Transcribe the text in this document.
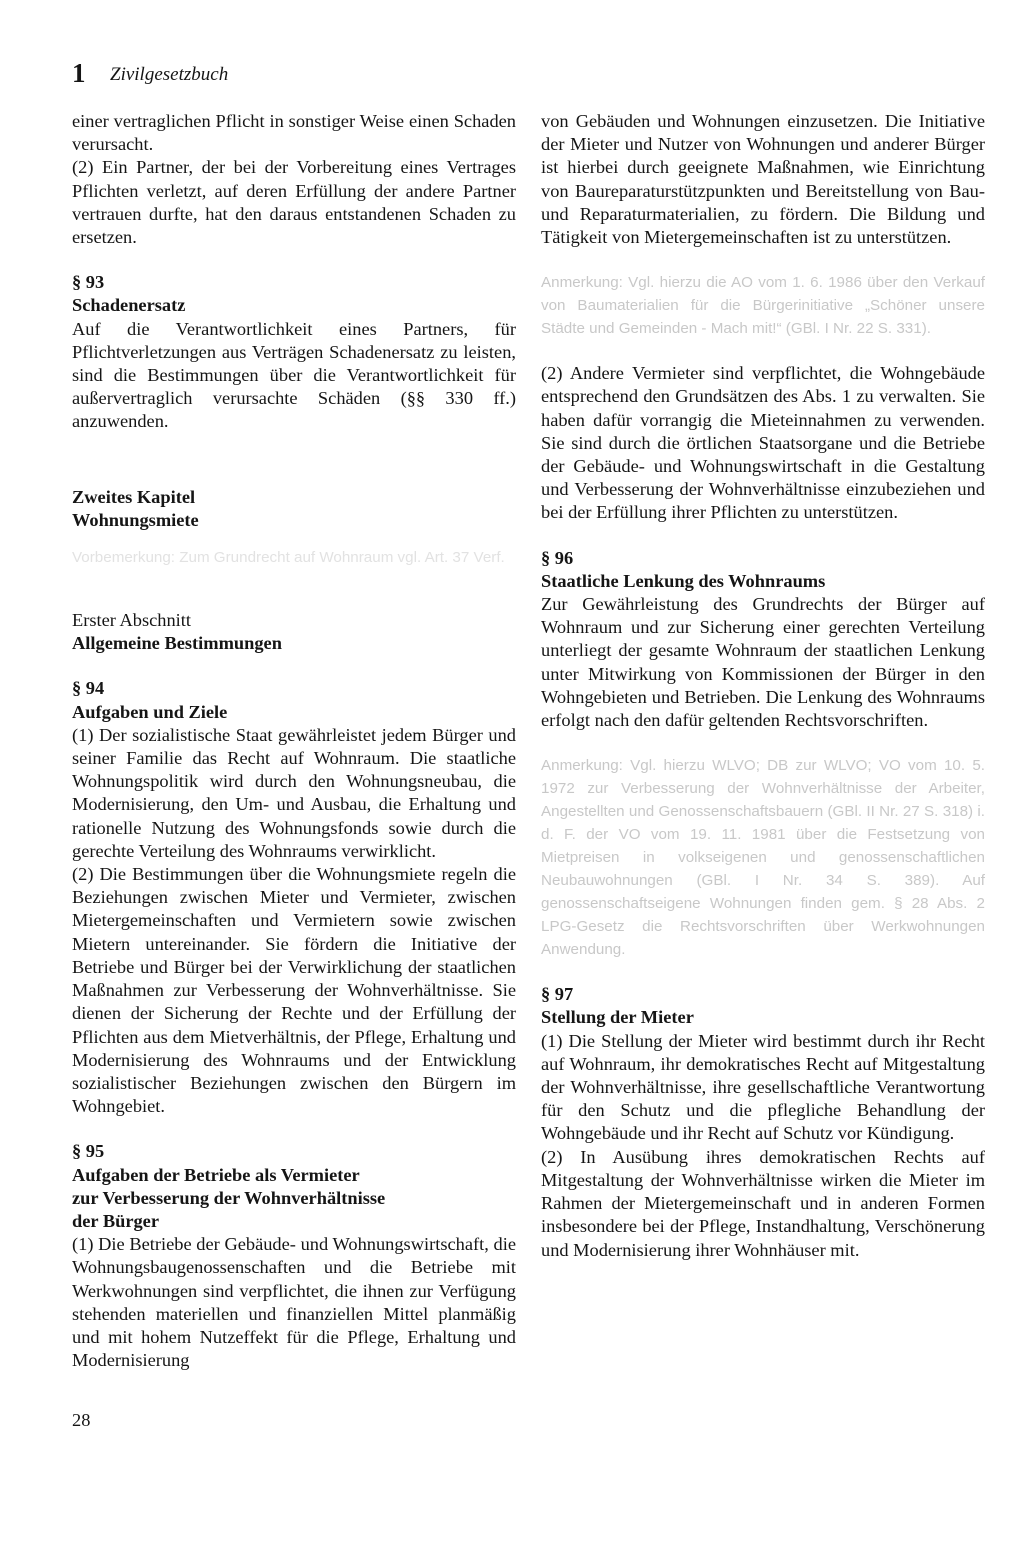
1 Zivilgesetzbuch

einer vertraglichen Pflicht in sonstiger Weise einen Schaden verursacht.

(2) Ein Partner, der bei der Vorbereitung eines Vertrages Pflichten verletzt, auf deren Erfüllung der andere Partner vertrauen durfte, hat den daraus entstandenen Schaden zu ersetzen.

§ 93

Schadenersatz

Auf die Verantwortlichkeit eines Partners, für Pflichtverletzungen aus Verträgen Schadenersatz zu leisten, sind die Bestimmungen über die Verantwortlichkeit für außervertraglich verursachte Schäden (§§ 330 ff.) anzuwenden.

Zweites Kapitel

Wohnungsmiete

Vorbemerkung: Zum Grundrecht auf Wohnraum vgl. Art. 37 Verf.

Erster Abschnitt

Allgemeine Bestimmungen

§ 94

Aufgaben und Ziele

(1) Der sozialistische Staat gewährleistet jedem Bürger und seiner Familie das Recht auf Wohnraum. Die staatliche Wohnungspolitik wird durch den Wohnungsneubau, die Modernisierung, den Um- und Ausbau, die Erhaltung und rationelle Nutzung des Wohnungsfonds sowie durch die gerechte Verteilung des Wohnraums verwirklicht.

(2) Die Bestimmungen über die Wohnungsmiete regeln die Beziehungen zwischen Mieter und Vermieter, zwischen Mietergemeinschaften und Vermietern sowie zwischen Mietern untereinander. Sie fördern die Initiative der Betriebe und Bürger bei der Verwirklichung der staatlichen Maßnahmen zur Verbesserung der Wohnverhältnisse. Sie dienen der Sicherung der Rechte und der Erfüllung der Pflichten aus dem Mietverhältnis, der Pflege, Erhaltung und Modernisierung des Wohnraums und der Entwicklung sozialistischer Beziehungen zwischen den Bürgern im Wohngebiet.

§ 95

Aufgaben der Betriebe als Vermieter

zur Verbesserung der Wohnverhältnisse

der Bürger

(1) Die Betriebe der Gebäude- und Wohnungswirtschaft, die Wohnungsbaugenossenschaften und die Betriebe mit Werkwohnungen sind verpflichtet, die ihnen zur Verfügung stehenden materiellen und finanziellen Mittel planmäßig und mit hohem Nutzeffekt für die Pflege, Erhaltung und Modernisierung

von Gebäuden und Wohnungen einzusetzen. Die Initiative der Mieter und Nutzer von Wohnungen und anderer Bürger ist hierbei durch geeignete Maßnahmen, wie Einrichtung von Baureparaturstützpunkten und Bereitstellung von Bau- und Reparaturmaterialien, zu fördern. Die Bildung und Tätigkeit von Mietergemeinschaften ist zu unterstützen.

Anmerkung: Vgl. hierzu die AO vom 1. 6. 1986 über den Verkauf von Baumaterialien für die Bürgerinitiative „Schöner unsere Städte und Gemeinden - Mach mit!“ (GBl. I Nr. 22 S. 331).

(2) Andere Vermieter sind verpflichtet, die Wohngebäude entsprechend den Grundsätzen des Abs. 1 zu verwalten. Sie haben dafür vorrangig die Mieteinnahmen zu verwenden. Sie sind durch die örtlichen Staatsorgane und die Betriebe der Gebäude- und Wohnungswirtschaft in die Gestaltung und Verbesserung der Wohnverhältnisse einzubeziehen und bei der Erfüllung ihrer Pflichten zu unterstützen.

§ 96

Staatliche Lenkung des Wohnraums

Zur Gewährleistung des Grundrechts der Bürger auf Wohnraum und zur Sicherung einer gerechten Verteilung unterliegt der gesamte Wohnraum der staatlichen Lenkung unter Mitwirkung von Kommissionen der Bürger in den Wohngebieten und Betrieben. Die Lenkung des Wohnraums erfolgt nach den dafür geltenden Rechtsvorschriften.

Anmerkung: Vgl. hierzu WLVO; DB zur WLVO; VO vom 10. 5. 1972 zur Verbesserung der Wohnverhältnisse der Arbeiter, Angestellten und Genossenschaftsbauern (GBl. II Nr. 27 S. 318) i. d. F. der VO vom 19. 11. 1981 über die Festsetzung von Mietpreisen in volkseigenen und genossenschaftlichen Neubauwohnungen (GBl. I Nr. 34 S. 389). Auf genossenschaftseigene Wohnungen finden gem. § 28 Abs. 2 LPG-Gesetz die Rechtsvorschriften über Werkwohnungen Anwendung.

§ 97

Stellung der Mieter

(1) Die Stellung der Mieter wird bestimmt durch ihr Recht auf Wohnraum, ihr demokratisches Recht auf Mitgestaltung der Wohnverhältnisse, ihre gesellschaftliche Verantwortung für den Schutz und die pflegliche Behandlung der Wohngebäude und ihr Recht auf Schutz vor Kündigung.

(2) In Ausübung ihres demokratischen Rechts auf Mitgestaltung der Wohnverhältnisse wirken die Mieter im Rahmen der Mietergemeinschaft und in anderen Formen insbesondere bei der Pflege, Instandhaltung, Verschönerung und Modernisierung ihrer Wohnhäuser mit.

28
